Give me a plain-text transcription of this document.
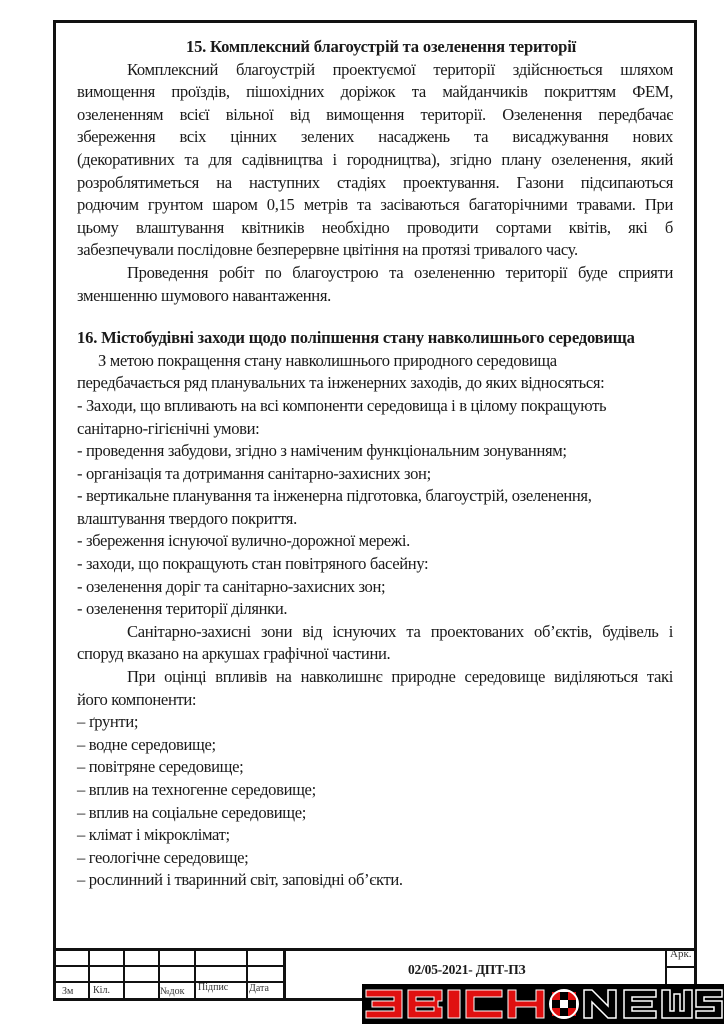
15. Комплексний благоустрій та озеленення території
Комплексний благоустрій проектуємої території здійснюється шляхом
вимощення проїздів, пішохідних доріжок та майданчиків покриттям ФЕМ,
озелененням всієї вільної від вимощення території. Озеленення передбачає
збереження всіх цінних зелених насаджень та висаджування нових
(декоративних та для садівництва і городництва), згідно плану озеленення, який
розроблятиметься на наступних стадіях проектування. Газони підсипаються
родючим грунтом шаром 0,15 метрів та засіваються багаторічними травами. При
цьому влаштування квітників необхідно проводити сортами квітів, які б
забезпечували послідовне безперервне цвітіння на протязі тривалого часу.
Проведення робіт по благоустрою та озелененню території буде сприяти
зменшенню шумового навантаження.
16. Містобудівні заходи щодо поліпшення стану навколишнього середовища
З метою покращення стану навколишнього природного середовища
передбачається ряд планувальних та інженерних заходів, до яких відносяться:
- Заходи, що впливають на всі компоненти середовища і в цілому покращують
санітарно-гігієнічні умови:
- проведення забудови, згідно з наміченим функціональним зонуванням;
- організація та дотримання санітарно-захисних зон;
- вертикальне планування та інженерна підготовка, благоустрій, озеленення,
влаштування твердого покриття.
- збереження існуючої вулично-дорожної мережі.
- заходи, що покращують стан повітряного басейну:
- озеленення доріг та санітарно-захисних зон;
- озеленення території ділянки.
Санітарно-захисні зони від існуючих та проектованих об’єктів, будівель і
споруд вказано на аркушах графічної частини.
При оцінці впливів на навколишнє природне середовище виділяються такі
його компоненти:
– ґрунти;
– водне середовище;
– повітряне середовище;
– вплив на техногенне середовище;
– вплив на соціальне середовище;
– клімат і мікроклімат;
– геологічне середовище;
– рослинний і тваринний світ, заповідні об’єкти.
Зм Кіл.	№док Підпис Дата
02/05-2021- ДПТ-ПЗ
Арк.
